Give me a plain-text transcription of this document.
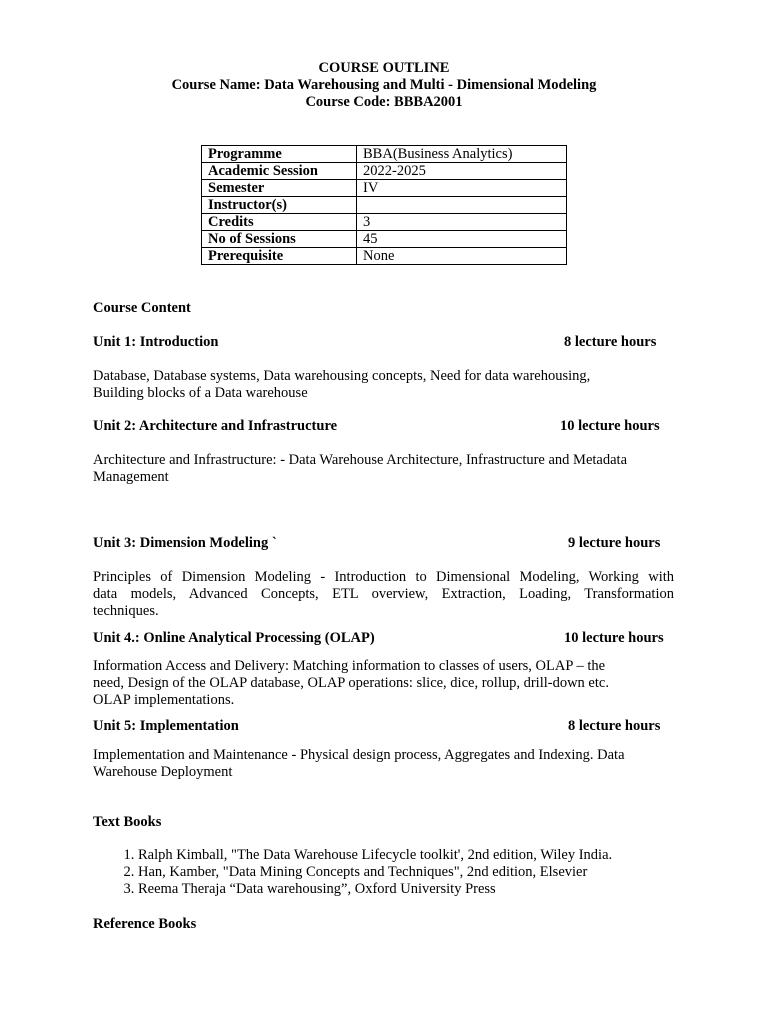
COURSE OUTLINE
Course Name: Data Warehousing and Multi - Dimensional Modeling
Course Code: BBBA2001
Programme	BBA(Business Analytics)
Academic Session	2022-2025
Semester	IV
Instructor(s)	
Credits	3
No of Sessions	45
Prerequisite	None
Course Content
Unit 1: Introduction	8 lecture hours
Database, Database systems, Data warehousing concepts, Need for data warehousing,
Building blocks of a Data warehouse
Unit 2: Architecture and Infrastructure	10 lecture hours
Architecture and Infrastructure: - Data Warehouse Architecture, Infrastructure and Metadata
Management
Unit 3: Dimension Modeling `	9 lecture hours
Principles of Dimension Modeling - Introduction to Dimensional Modeling, Working with
data models, Advanced Concepts, ETL overview, Extraction, Loading, Transformation
techniques.
Unit 4.: Online Analytical Processing (OLAP)	10 lecture hours
Information Access and Delivery: Matching information to classes of users, OLAP – the
need, Design of the OLAP database, OLAP operations: slice, dice, rollup, drill-down etc.
OLAP implementations.
Unit 5: Implementation	8 lecture hours
Implementation and Maintenance - Physical design process, Aggregates and Indexing. Data
Warehouse Deployment
Text Books
1. Ralph Kimball, "The Data Warehouse Lifecycle toolkit', 2nd edition, Wiley India.
2. Han, Kamber, "Data Mining Concepts and Techniques", 2nd edition, Elsevier
3. Reema Theraja “Data warehousing”, Oxford University Press
Reference Books
